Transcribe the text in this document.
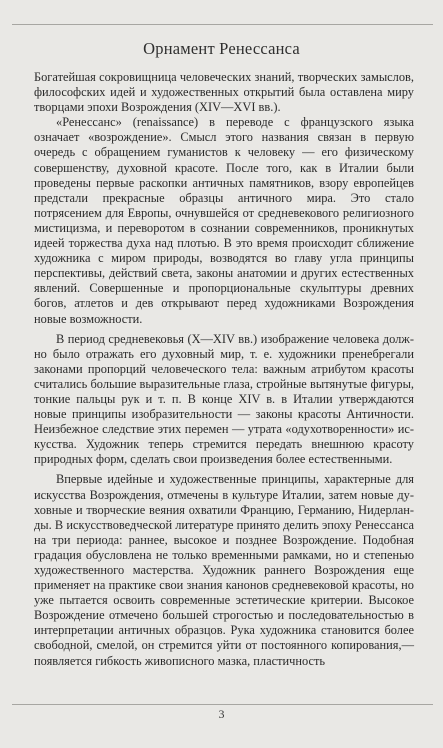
Орнамент Ренессанса

Богатейшая сокровищница человеческих знаний, творческих замыслов, философских идей и художественных открытий была оставлена миру творцами эпохи Возрождения (XIV—XVI вв.).

«Ренессанс» (renaissance) в переводе с французского языка означает «возрождение». Смысл этого названия связан в первую очередь с обращением гуманистов к человеку — его физическому совершенству, духовной красоте. После того, как в Италии были проведены первые раскопки античных памятников, взору европейцев предстали прекрасные образцы античного мира. Это стало потрясением для Европы, очнувшейся от средневекового религиозного мистицизма, и переворотом в сознании современников, проникнутых идеей торжества духа над плотью. В это время происходит сближение художника с миром природы, возводятся во главу угла принципы перспективы, действий света, законы анатомии и других естественных явлений. Совершенные и пропорциональные скульптуры древних богов, атлетов и дев открывают перед художниками Возрождения новые возможности.

В период средневековья (X—XIV вв.) изображение человека должно было отражать его духовный мир, т. е. художники пренебрегали законами пропорций человеческого тела: важным атрибутом красоты считались большие выразительные глаза, стройные вытянутые фигуры, тонкие пальцы рук и т. п. В конце XIV в. в Италии утверждаются новые принципы изобразительности — законы красоты Античности. Неизбежное следствие этих перемен — утрата «одухотворенности» искусства. Художник теперь стремится передать внешнюю красоту природных форм, сделать свои произведения более естественными.

Впервые идейные и художественные принципы, характерные для искусства Возрождения, отмечены в культуре Италии, затем новые духовные и творческие веяния охватили Францию, Германию, Нидерланды. В искусствоведческой литературе принято делить эпоху Ренессанса на три периода: раннее, высокое и позднее Возрождение. Подобная градация обусловлена не только временными рамками, но и степенью художественного мастерства. Художник раннего Возрождения еще применяет на практике свои знания канонов средневековой красоты, но уже пытается освоить современные эстетические критерии. Высокое Возрождение отмечено большей строгостью и последовательностью в интерпретации античных образцов. Рука художника становится более свободной, смелой, он стремится уйти от постоянного копирования,—появляется гибкость живописного мазка, пластичность

3
